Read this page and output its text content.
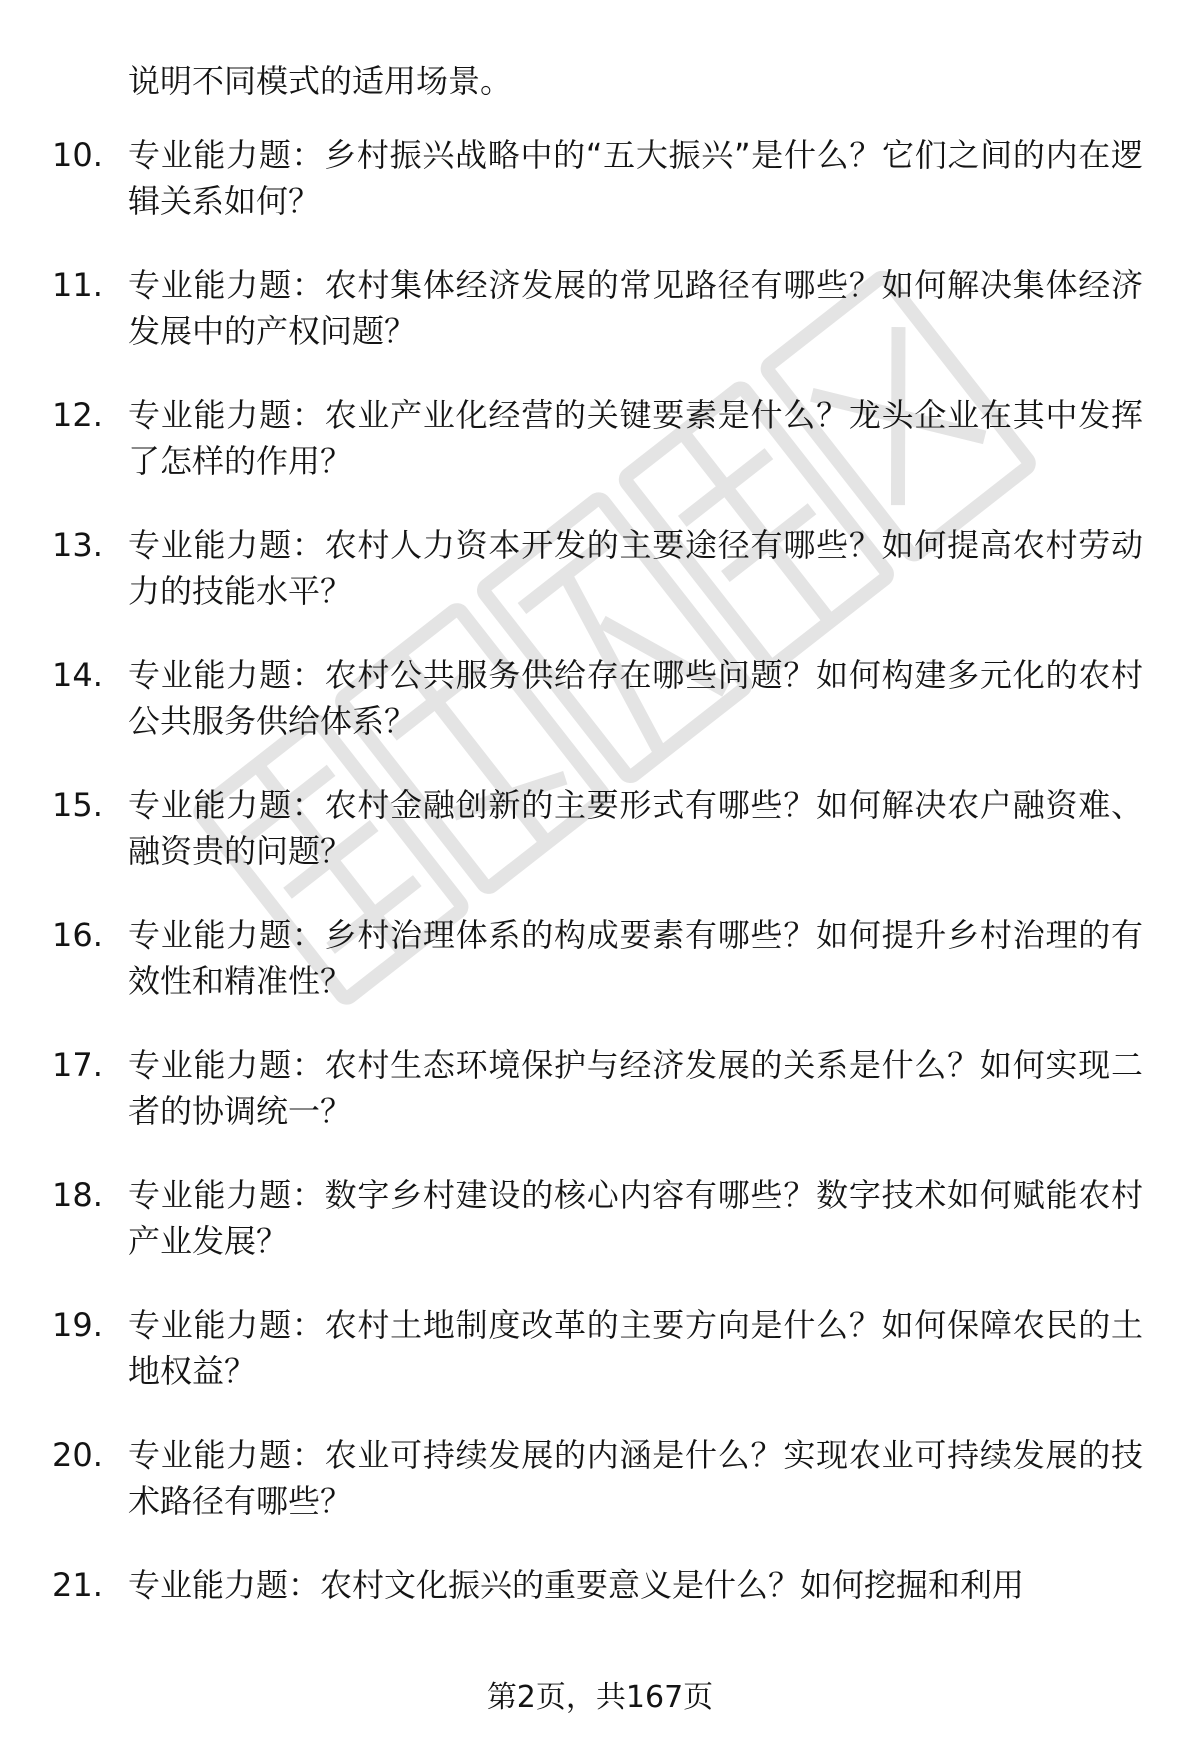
说明不同模式的适用场景。

10. 专业能力题：乡村振兴战略中的“五大振兴”是什么？它们之间的内在逻辑关系如何？
11. 专业能力题：农村集体经济发展的常见路径有哪些？如何解决集体经济发展中的产权问题？
12. 专业能力题：农业产业化经营的关键要素是什么？龙头企业在其中发挥了怎样的作用？
13. 专业能力题：农村人力资本开发的主要途径有哪些？如何提高农村劳动力的技能水平？
14. 专业能力题：农村公共服务供给存在哪些问题？如何构建多元化的农村公共服务供给体系？
15. 专业能力题：农村金融创新的主要形式有哪些？如何解决农户融资难、融资贵的问题？
16. 专业能力题：乡村治理体系的构成要素有哪些？如何提升乡村治理的有效性和精准性？
17. 专业能力题：农村生态环境保护与经济发展的关系是什么？如何实现二者的协调统一？
18. 专业能力题：数字乡村建设的核心内容有哪些？数字技术如何赋能农村产业发展？
19. 专业能力题：农村土地制度改革的主要方向是什么？如何保障农民的土地权益？
20. 专业能力题：农业可持续发展的内涵是什么？实现农业可持续发展的技术路径有哪些？
21. 专业能力题：农村文化振兴的重要意义是什么？如何挖掘和利用
第2页，共167页
